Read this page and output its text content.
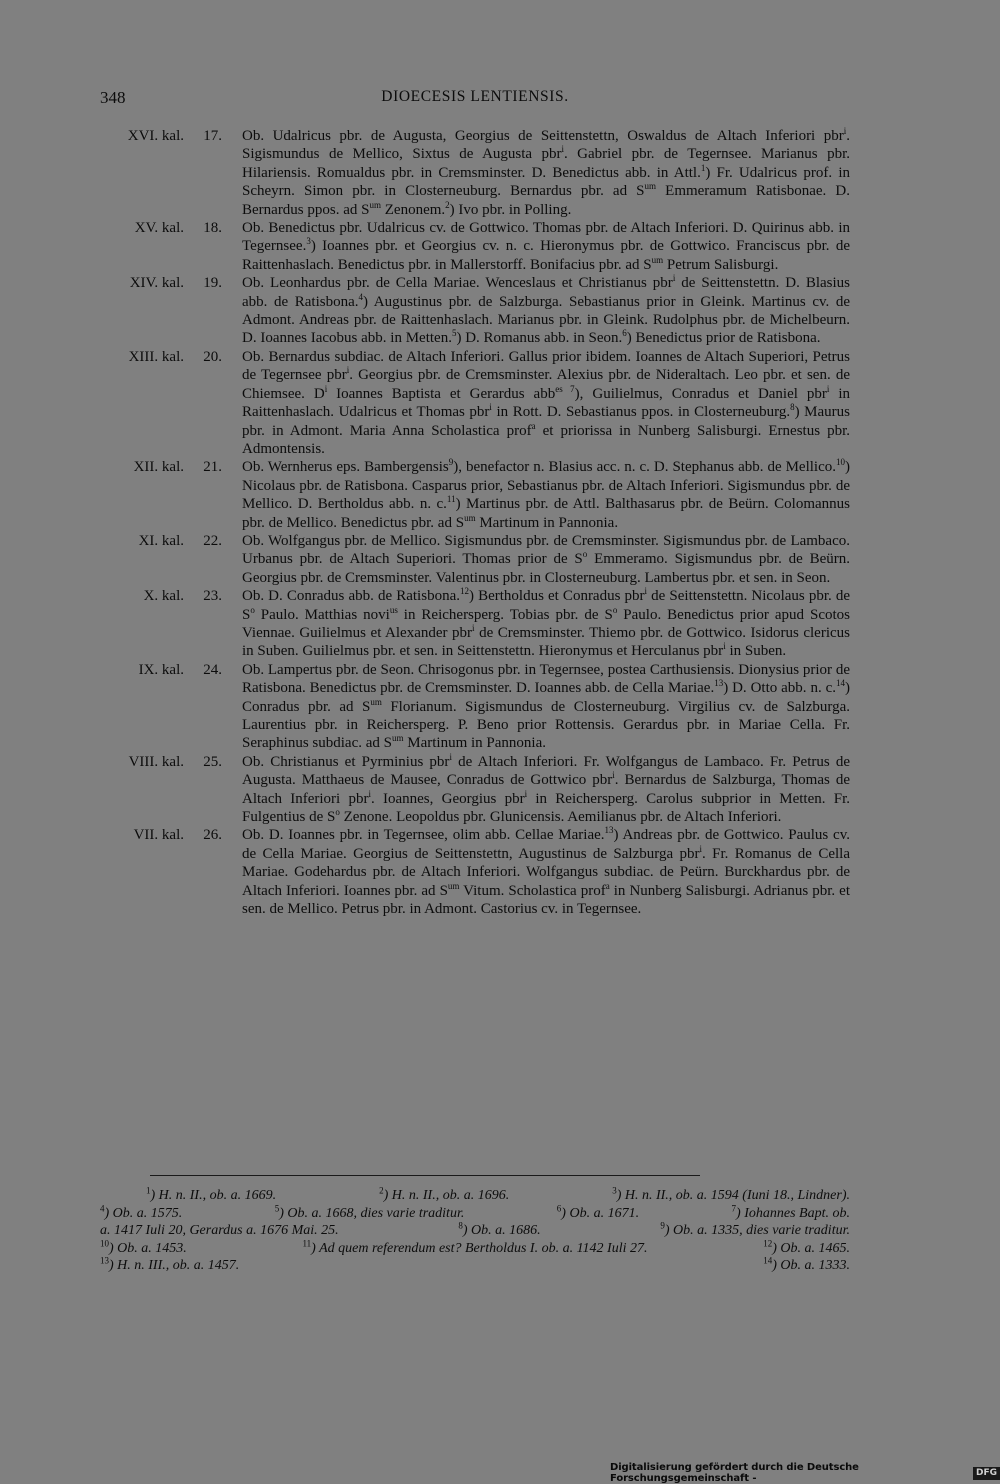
348	DIOECESIS LENTIENSIS.
XVI. kal.	17. Ob. Udalricus pbr. de Augusta, Georgius de Seittenstettn, Oswaldus de Altach Inferiori pbr$^i$. Sigismundus de Mellico, Sixtus de Augusta pbr$^i$. Gabriel pbr. de Tegernsee. Marianus pbr. Hilariensis. Romualdus pbr. in Cremsminster. D. Benedictus abb. in Attl.$^1$) Fr. Udalricus prof. in Scheyrn. Simon pbr. in Closterneuburg. Bernardus pbr. ad $S^{um}$ Emmeramum Ratisbonae. D. Bernardus ppos. ad $S^{um}$ Zenonem.$^2$) Ivo pbr. in Polling.
XV. kal.	18. Ob. Benedictus pbr. Udalricus cv. de Gottwico. Thomas pbr. de Altach Inferiori. D. Quirinus abb. in Tegernsee.$^3$) Ioannes pbr. et Georgius cv. n. c. Hieronymus pbr. de Gottwico. Franciscus pbr. de Raittenhaslach. Benedictus pbr. in Mallerstorff. Bonifacius pbr. ad $S^{um}$ Petrum Salisburgi.
XIV. kal.	19. Ob. Leonhardus pbr. de Cella Mariae. Wenceslaus et Christianus pbr$^i$ de Seittenstettn. D. Blasius abb. de Ratisbona.$^4$) Augustinus pbr. de Salzburga. Sebastianus prior in Gleink. Martinus cv. de Admont. Andreas pbr. de Raittenhaslach. Marianus pbr. in Gleink. Rudolphus pbr. de Michelbeurn. D. Ioannes Iacobus abb. in Metten.$^5$) D. Romanus abb. in Seon.$^6$) Benedictus prior de Ratisbona.
XIII. kal.	20. Ob. Bernardus subdiac. de Altach Inferiori. Gallus prior ibidem. Ioannes de Altach Superiori, Petrus de Tegernsee pbr$^i$. Georgius pbr. de Cremsminster. Alexius pbr. de Nideraltach. Leo pbr. et sen. de Chiemsee. $D^i$ Ioannes Baptista et Gerardus abb$^{es 7}$), Guilielmus, Conradus et Daniel pbr$^i$ in Raittenhaslach. Udalricus et Thomas pbr$^i$ in Rott. D. Sebastianus ppos. in Closterneuburg.$^8$) Maurus pbr. in Admont. Maria Anna Scholastica prof$^a$ et priorissa in Nunberg Salisburgi. Ernestus pbr. Admontensis.
XII. kal.	21. Ob. Wernherus eps. Bambergensis$^9$), benefactor n. Blasius acc. n. c. D. Stephanus abb. de Mellico.$^{10}$) Nicolaus pbr. de Ratisbona. Casparus prior, Sebastianus pbr. de Altach Inferiori. Sigismundus pbr. de Mellico. D. Bertholdus abb. n. c.$^{11}$) Martinus pbr. de Attl. Balthasarus pbr. de Beürn. Colomannus pbr. de Mellico. Benedictus pbr. ad $S^{um}$ Martinum in Pannonia.
XI. kal.	22. Ob. Wolfgangus pbr. de Mellico. Sigismundus pbr. de Cremsminster. Sigismundus pbr. de Lambaco. Urbanus pbr. de Altach Superiori. Thomas prior de $S^o$ Emmeramo. Sigismundus pbr. de Beürn. Georgius pbr. de Cremsminster. Valentinus pbr. in Closterneuburg. Lambertus pbr. et sen. in Seon.
X. kal.	23. Ob. D. Conradus abb. de Ratisbona.$^{12}$) Bertholdus et Conradus pbr$^i$ de Seittenstettn. Nicolaus pbr. de $S^o$ Paulo. Matthias novi$^{us}$ in Reichersperg. Tobias pbr. de $S^o$ Paulo. Benedictus prior apud Scotos Viennae. Guilielmus et Alexander pbr$^i$ de Cremsminster. Thiemo pbr. de Gottwico. Isidorus clericus in Suben. Guilielmus pbr. et sen. in Seittenstettn. Hieronymus et Herculanus pbr$^i$ in Suben.
IX. kal.	24. Ob. Lampertus pbr. de Seon. Chrisogonus pbr. in Tegernsee, postea Carthusiensis. Dionysius prior de Ratisbona. Benedictus pbr. de Cremsminster. D. Ioannes abb. de Cella Mariae.$^{13}$) D. Otto abb. n. c.$^{14}$) Conradus pbr. ad $S^{um}$ Florianum. Sigismundus de Closterneuburg. Virgilius cv. de Salzburga. Laurentius pbr. in Reichersperg. P. Beno prior Rottensis. Gerardus pbr. in Mariae Cella. Fr. Seraphinus subdiac. ad $S^{um}$ Martinum in Pannonia.
VIII. kal.	25. Ob. Christianus et Pyrminius pbr$^i$ de Altach Inferiori. Fr. Wolfgangus de Lambaco. Fr. Petrus de Augusta. Matthaeus de Mausee, Conradus de Gottwico pbr$^i$. Bernardus de Salzburga, Thomas de Altach Inferiori pbr$^i$. Ioannes, Georgius pbr$^i$ in Reichersperg. Carolus subprior in Metten. Fr. Fulgentius de $S^o$ Zenone. Leopoldus pbr. Glunicensis. Aemilianus pbr. de Altach Inferiori.
VII. kal.	26. Ob. D. Ioannes pbr. in Tegernsee, olim abb. Cellae Mariae.$^{13}$) Andreas pbr. de Gottwico. Paulus cv. de Cella Mariae. Georgius de Seittenstettn, Augustinus de Salzburga pbr$^i$. Fr. Romanus de Cella Mariae. Godehardus pbr. de Altach Inferiori. Wolfgangus subdiac. de Peürn. Burckhardus pbr. de Altach Inferiori. Ioannes pbr. ad $S^{um}$ Vitum. Scholastica prof$^a$ in Nunberg Salisburgi. Adrianus pbr. et sen. de Mellico. Petrus pbr. in Admont. Castorius cv. in Tegernsee.
$^1$) H. n. II., ob. a. 1669.	$^2$) H. n. II., ob. a. 1696.	$^3$) H. n. II., ob. a. 1594 (Iuni 18., Lindner).
$^4$) Ob. a. 1575.	$^5$) Ob. a. 1668, dies varie traditur.	$^6$) Ob. a. 1671.	$^7$) Iohannes Bapt. ob.
a. 1417 Iuli 20, Gerardus a. 1676 Mai. 25.	$^8$) Ob. a. 1686.	$^9$) Ob. a. 1335, dies varie traditur.
$^{10}$) Ob. a. 1453.	$^{11}$) Ad quem referendum est? Bertholdus I. ob. a. 1142 Iuli 27.	$^{12}$) Ob. a. 1465.
$^{13}$) H. n. III., ob. a. 1457.	$^{14}$) Ob. a. 1333.
Digitalisierung gefördert durch die Deutsche Forschungsgemeinschaft -
DFG
